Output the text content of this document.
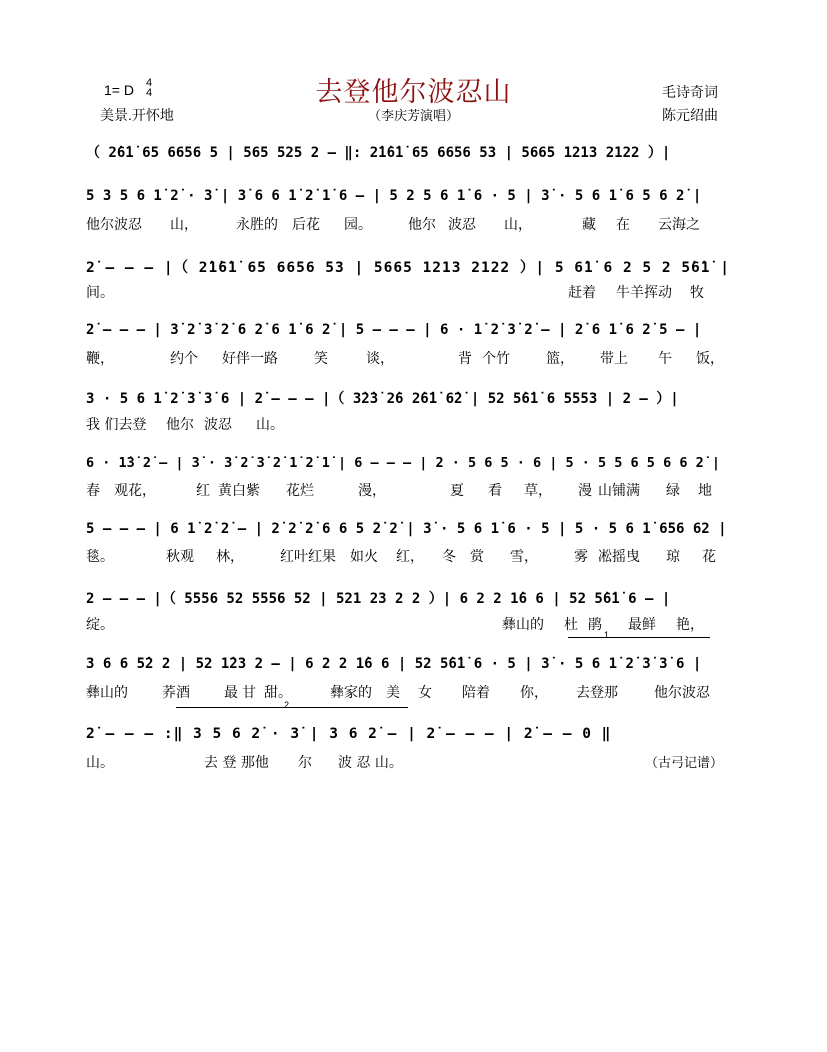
去登他尔波忍山
1= D 4
4
美景.开怀地	（李庆芳演唱）
毛诗奇词
陈元绍曲
（ 2̇6̇1̇ 65 6656 5 | 565 525 2 – ‖: 2̇1̇6̇1̇ 65 6656 53 | 5665 1213 2122 ）|
5 3 5 6 1̇ 2̇ · 3̇ | 3̇ 6 6 1̇ 2̇ 1̇ 6 – | 5 2 5 6 1̇ 6 · 5 | 3̇ · 5 6 1̇ 6 5 6 2̇ |
他尔波忍 山，	永胜的 后花 园。	他尔 波忍 山，	藏 在 云海之
2̇ – – – |（ 2̇1̇6̇1̇ 65 6656 53 | 5665 1213 2122 ）| 5 6̇1̇ 6 2 5 2 5̇6̇1̇ |
间。	赶着 牛羊挥动 牧
2̇ – – – | 3̇ 2̇ 3̇ 2̇ 6 2̇ 6 1̇ 6 2̇ | 5 – – – | 6 · 1̇ 2̇ 3̇ 2̇ – | 2̇ 6 1̇ 6 2̇ 5 – |
鞭，	约个 好伴一路	笑	谈，	背 个竹	篮， 带上 午 饭，
3 · 5 6 1̇ 2̇ 3̇ 3̇ 6 | 2̇ – – – |（ 3̇2̇3̇ 2̇6 2̇6̇1̇ 6̇2̇ | 52 5̇6̇1̇ 6 5553 | 2 – ）|
我 们去登 他尔 波忍 山。
6 · 1̇3̇ 2̇ – | 3̇ · 3̇ 2̇ 3̇ 2̇ 1̇ 2̇ 1̇ | 6 – – – | 2 · 5 6 5 · 6 | 5 · 5 5 6 5 6 6 2̇ |
春 观花，	红 黄白紫 花烂	漫，	夏 看 草， 漫 山铺满 绿 地
5 – – – | 6 1̇ 2̇ 2̇ – | 2̇ 2̇ 2̇ 6 6 5 2̇ 2̇ | 3̇ · 5 6 1̇ 6 · 5 | 5 · 5 6 1̇ 656 62 |
毯。	秋观 林，	红叶红果 如火 红， 冬 赏 雪，	雾 凇摇曳 琼 花
2 – – – |（ 5556 52 5556 52 | 521 23 2 2 ）| 6 2 2 1̇6 6 | 52 5̇6̇1̇ 6 – |
绽。	彝山的 杜 鹃 最鲜 艳，
3 6 6 5̇2 2 | 52 1̇23 2 – | 6 2 2 1̇6 6 | 52 5̇6̇1̇ 6 · 5 | 3̇ · 5 6 1̇ 2̇ 3̇ 3̇ 6 |
彝山的 荞酒 最 甘 甜。	彝家的 美 女 陪着 你， 去登那	他尔波忍
1
2
2̇ – – – :‖ 3 5 6 2̇ · 3̇ | 3 6 2̇ – | 2̇ – – – | 2̇ – – 0 ‖
山。	去 登 那他 尔 波 忍 山。	（古弓记谱）
